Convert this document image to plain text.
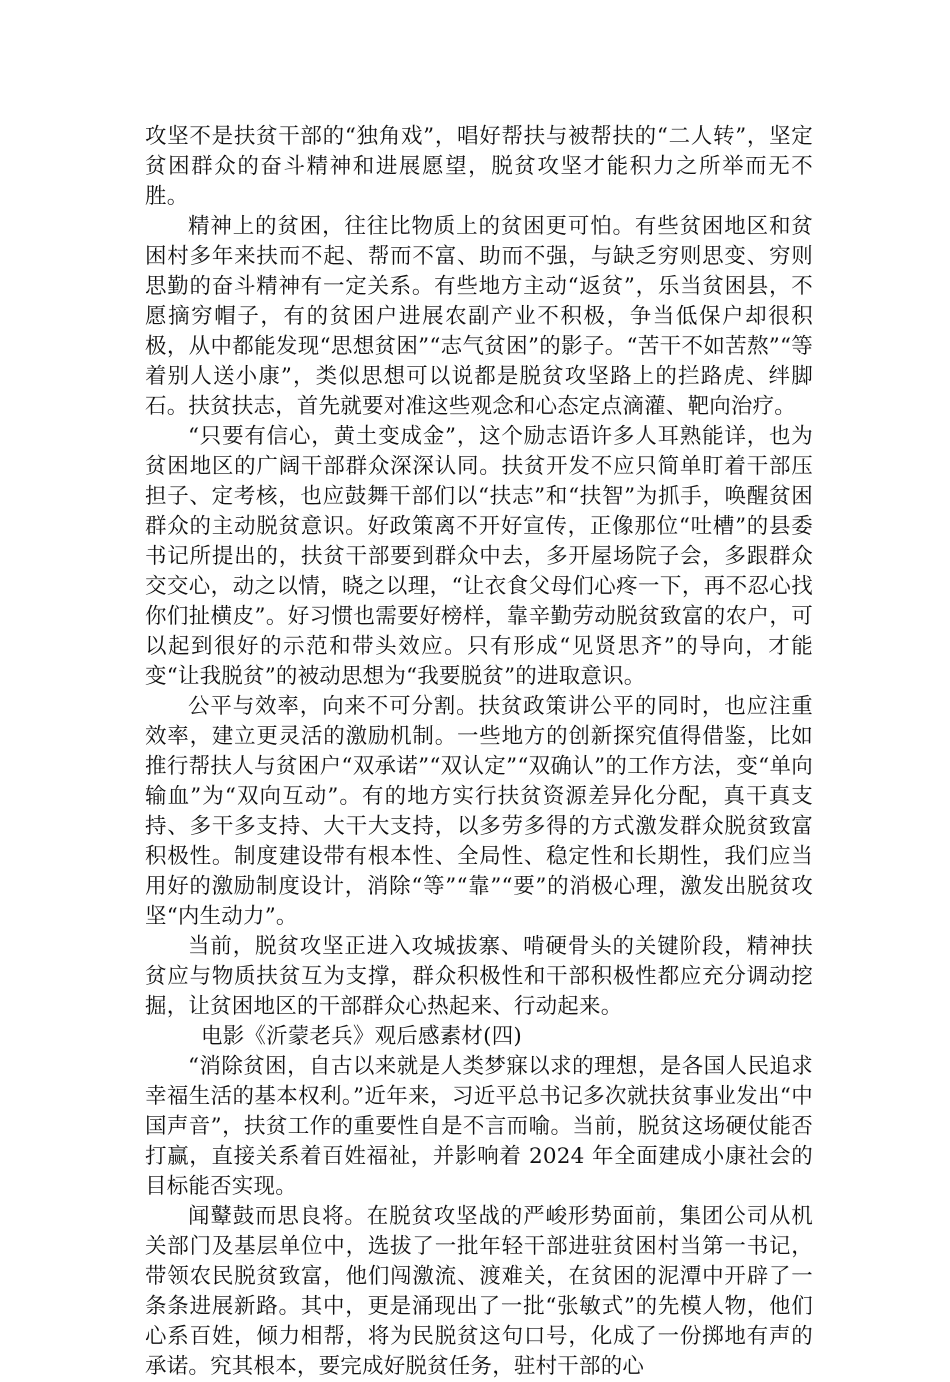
攻坚不是扶贫干部的“独角戏”，唱好帮扶与被帮扶的“二人转”，坚定贫困群众的奋斗精神和进展愿望，脱贫攻坚才能积力之所举而无不胜。

精神上的贫困，往往比物质上的贫困更可怕。有些贫困地区和贫困村多年来扶而不起、帮而不富、助而不强，与缺乏穷则思变、穷则思勤的奋斗精神有一定关系。有些地方主动“返贫”，乐当贫困县，不愿摘穷帽子，有的贫困户进展农副产业不积极，争当低保户却很积极，从中都能发现“思想贫困”“志气贫困”的影子。“苦干不如苦熬”“等着别人送小康”，类似思想可以说都是脱贫攻坚路上的拦路虎、绊脚石。扶贫扶志，首先就要对准这些观念和心态定点滴灌、靶向治疗。

“只要有信心，黄土变成金”，这个励志语许多人耳熟能详，也为贫困地区的广阔干部群众深深认同。扶贫开发不应只简单盯着干部压担子、定考核，也应鼓舞干部们以“扶志”和“扶智”为抓手，唤醒贫困群众的主动脱贫意识。好政策离不开好宣传，正像那位“吐槽”的县委书记所提出的，扶贫干部要到群众中去，多开屋场院子会，多跟群众交交心，动之以情，晓之以理，“让衣食父母们心疼一下，再不忍心找你们扯横皮”。好习惯也需要好榜样，靠辛勤劳动脱贫致富的农户，可以起到很好的示范和带头效应。只有形成“见贤思齐”的导向，才能变“让我脱贫”的被动思想为“我要脱贫”的进取意识。

公平与效率，向来不可分割。扶贫政策讲公平的同时，也应注重效率，建立更灵活的激励机制。一些地方的创新探究值得借鉴，比如推行帮扶人与贫困户“双承诺”“双认定”“双确认”的工作方法，变“单向输血”为“双向互动”。有的地方实行扶贫资源差异化分配，真干真支持、多干多支持、大干大支持，以多劳多得的方式激发群众脱贫致富积极性。制度建设带有根本性、全局性、稳定性和长期性，我们应当用好的激励制度设计，消除“等”“靠”“要”的消极心理，激发出脱贫攻坚“内生动力”。

当前，脱贫攻坚正进入攻城拔寨、啃硬骨头的关键阶段，精神扶贫应与物质扶贫互为支撑，群众积极性和干部积极性都应充分调动挖掘，让贫困地区的干部群众心热起来、行动起来。

电影《沂蒙老兵》观后感素材(四)

“消除贫困，自古以来就是人类梦寐以求的理想，是各国人民追求幸福生活的基本权利。”近年来，习近平总书记多次就扶贫事业发出“中国声音”，扶贫工作的重要性自是不言而喻。当前，脱贫这场硬仗能否打赢，直接关系着百姓福祉，并影响着 2024 年全面建成小康社会的目标能否实现。

闻鼙鼓而思良将。在脱贫攻坚战的严峻形势面前，集团公司从机关部门及基层单位中，选拔了一批年轻干部进驻贫困村当第一书记，带领农民脱贫致富，他们闯激流、渡难关，在贫困的泥潭中开辟了一条条进展新路。其中，更是涌现出了一批“张敏式”的先模人物，他们心系百姓，倾力相帮，将为民脱贫这句口号，化成了一份掷地有声的承诺。究其根本，要完成好脱贫任务，驻村干部的心
